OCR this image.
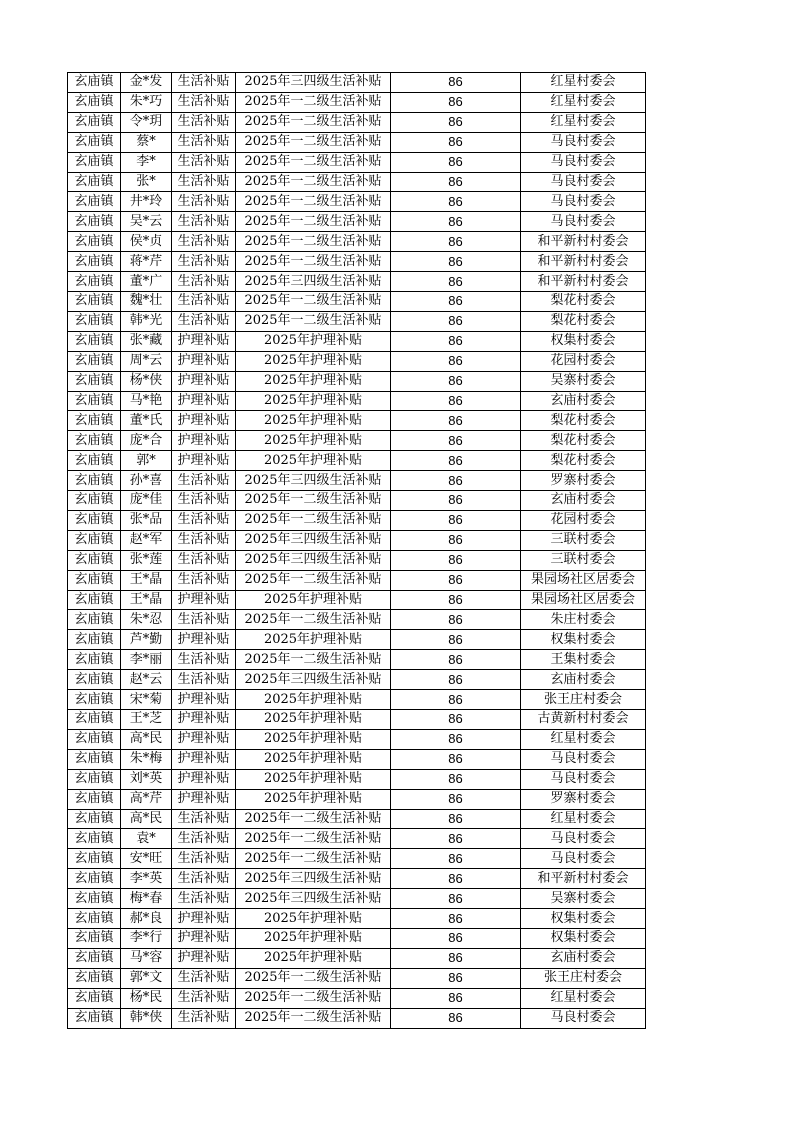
玄庙镇	金*发	生活补贴	2025年三四级生活补贴	86	红星村委会
玄庙镇	朱*巧	生活补贴	2025年一二级生活补贴	86	红星村委会
玄庙镇	令*玥	生活补贴	2025年一二级生活补贴	86	红星村委会
玄庙镇	蔡*	生活补贴	2025年一二级生活补贴	86	马良村委会
玄庙镇	李*	生活补贴	2025年一二级生活补贴	86	马良村委会
玄庙镇	张*	生活补贴	2025年一二级生活补贴	86	马良村委会
玄庙镇	井*玲	生活补贴	2025年一二级生活补贴	86	马良村委会
玄庙镇	吴*云	生活补贴	2025年一二级生活补贴	86	马良村委会
玄庙镇	侯*贞	生活补贴	2025年一二级生活补贴	86	和平新村村委会
玄庙镇	蒋*芹	生活补贴	2025年一二级生活补贴	86	和平新村村委会
玄庙镇	董*广	生活补贴	2025年三四级生活补贴	86	和平新村村委会
玄庙镇	魏*壮	生活补贴	2025年一二级生活补贴	86	梨花村委会
玄庙镇	韩*光	生活补贴	2025年一二级生活补贴	86	梨花村委会
玄庙镇	张*藏	护理补贴	2025年护理补贴	86	权集村委会
玄庙镇	周*云	护理补贴	2025年护理补贴	86	花园村委会
玄庙镇	杨*侠	护理补贴	2025年护理补贴	86	吴寨村委会
玄庙镇	马*艳	护理补贴	2025年护理补贴	86	玄庙村委会
玄庙镇	董*氏	护理补贴	2025年护理补贴	86	梨花村委会
玄庙镇	庞*合	护理补贴	2025年护理补贴	86	梨花村委会
玄庙镇	郭*	护理补贴	2025年护理补贴	86	梨花村委会
玄庙镇	孙*喜	生活补贴	2025年三四级生活补贴	86	罗寨村委会
玄庙镇	庞*佳	生活补贴	2025年一二级生活补贴	86	玄庙村委会
玄庙镇	张*品	生活补贴	2025年一二级生活补贴	86	花园村委会
玄庙镇	赵*军	生活补贴	2025年三四级生活补贴	86	三联村委会
玄庙镇	张*莲	生活补贴	2025年三四级生活补贴	86	三联村委会
玄庙镇	王*晶	生活补贴	2025年一二级生活补贴	86	果园场社区居委会
玄庙镇	王*晶	护理补贴	2025年护理补贴	86	果园场社区居委会
玄庙镇	朱*忍	生活补贴	2025年一二级生活补贴	86	朱庄村委会
玄庙镇	芦*勤	护理补贴	2025年护理补贴	86	权集村委会
玄庙镇	李*丽	生活补贴	2025年一二级生活补贴	86	王集村委会
玄庙镇	赵*云	生活补贴	2025年三四级生活补贴	86	玄庙村委会
玄庙镇	宋*菊	护理补贴	2025年护理补贴	86	张王庄村委会
玄庙镇	王*芝	护理补贴	2025年护理补贴	86	古黄新村村委会
玄庙镇	高*民	护理补贴	2025年护理补贴	86	红星村委会
玄庙镇	朱*梅	护理补贴	2025年护理补贴	86	马良村委会
玄庙镇	刘*英	护理补贴	2025年护理补贴	86	马良村委会
玄庙镇	高*芹	护理补贴	2025年护理补贴	86	罗寨村委会
玄庙镇	高*民	生活补贴	2025年一二级生活补贴	86	红星村委会
玄庙镇	袁*	生活补贴	2025年一二级生活补贴	86	马良村委会
玄庙镇	安*旺	生活补贴	2025年一二级生活补贴	86	马良村委会
玄庙镇	李*英	生活补贴	2025年三四级生活补贴	86	和平新村村委会
玄庙镇	梅*春	生活补贴	2025年三四级生活补贴	86	吴寨村委会
玄庙镇	郝*良	护理补贴	2025年护理补贴	86	权集村委会
玄庙镇	李*行	护理补贴	2025年护理补贴	86	权集村委会
玄庙镇	马*容	护理补贴	2025年护理补贴	86	玄庙村委会
玄庙镇	郭*文	生活补贴	2025年一二级生活补贴	86	张王庄村委会
玄庙镇	杨*民	生活补贴	2025年一二级生活补贴	86	红星村委会
玄庙镇	韩*侠	生活补贴	2025年一二级生活补贴	86	马良村委会
